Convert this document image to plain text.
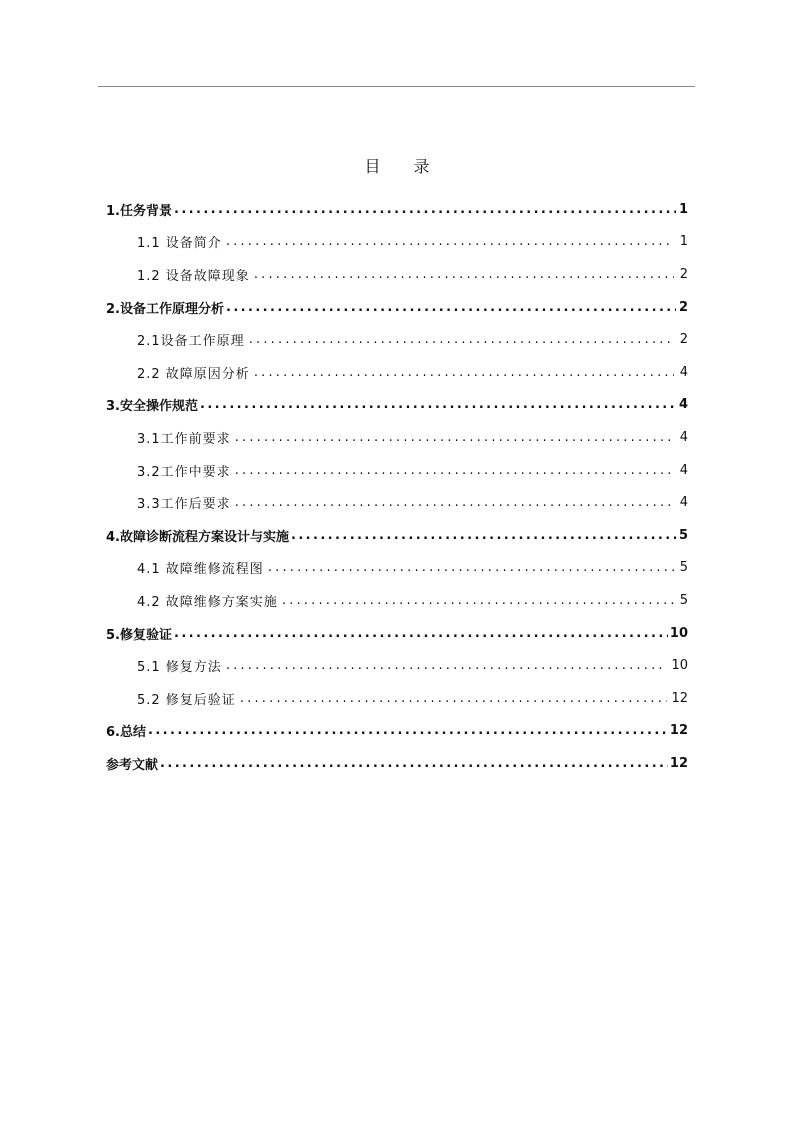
目 录
1.任务背景 .....	1
1.1 设备简介 .....	1
1.2 设备故障现象 .....	2
2.设备工作原理分析 .....	2
2.1设备工作原理 .....	2
2.2 故障原因分析 .....	4
3.安全操作规范 .....	4
3.1工作前要求 .....	4
3.2工作中要求 .....	4
3.3工作后要求 .....	4
4.故障诊断流程方案设计与实施 .....	5
4.1 故障维修流程图 .....	5
4.2 故障维修方案实施 .....	5
5.修复验证 .....	10
5.1 修复方法 .....	10
5.2 修复后验证 .....	12
6.总结 .....	12
参考文献 .....	12
